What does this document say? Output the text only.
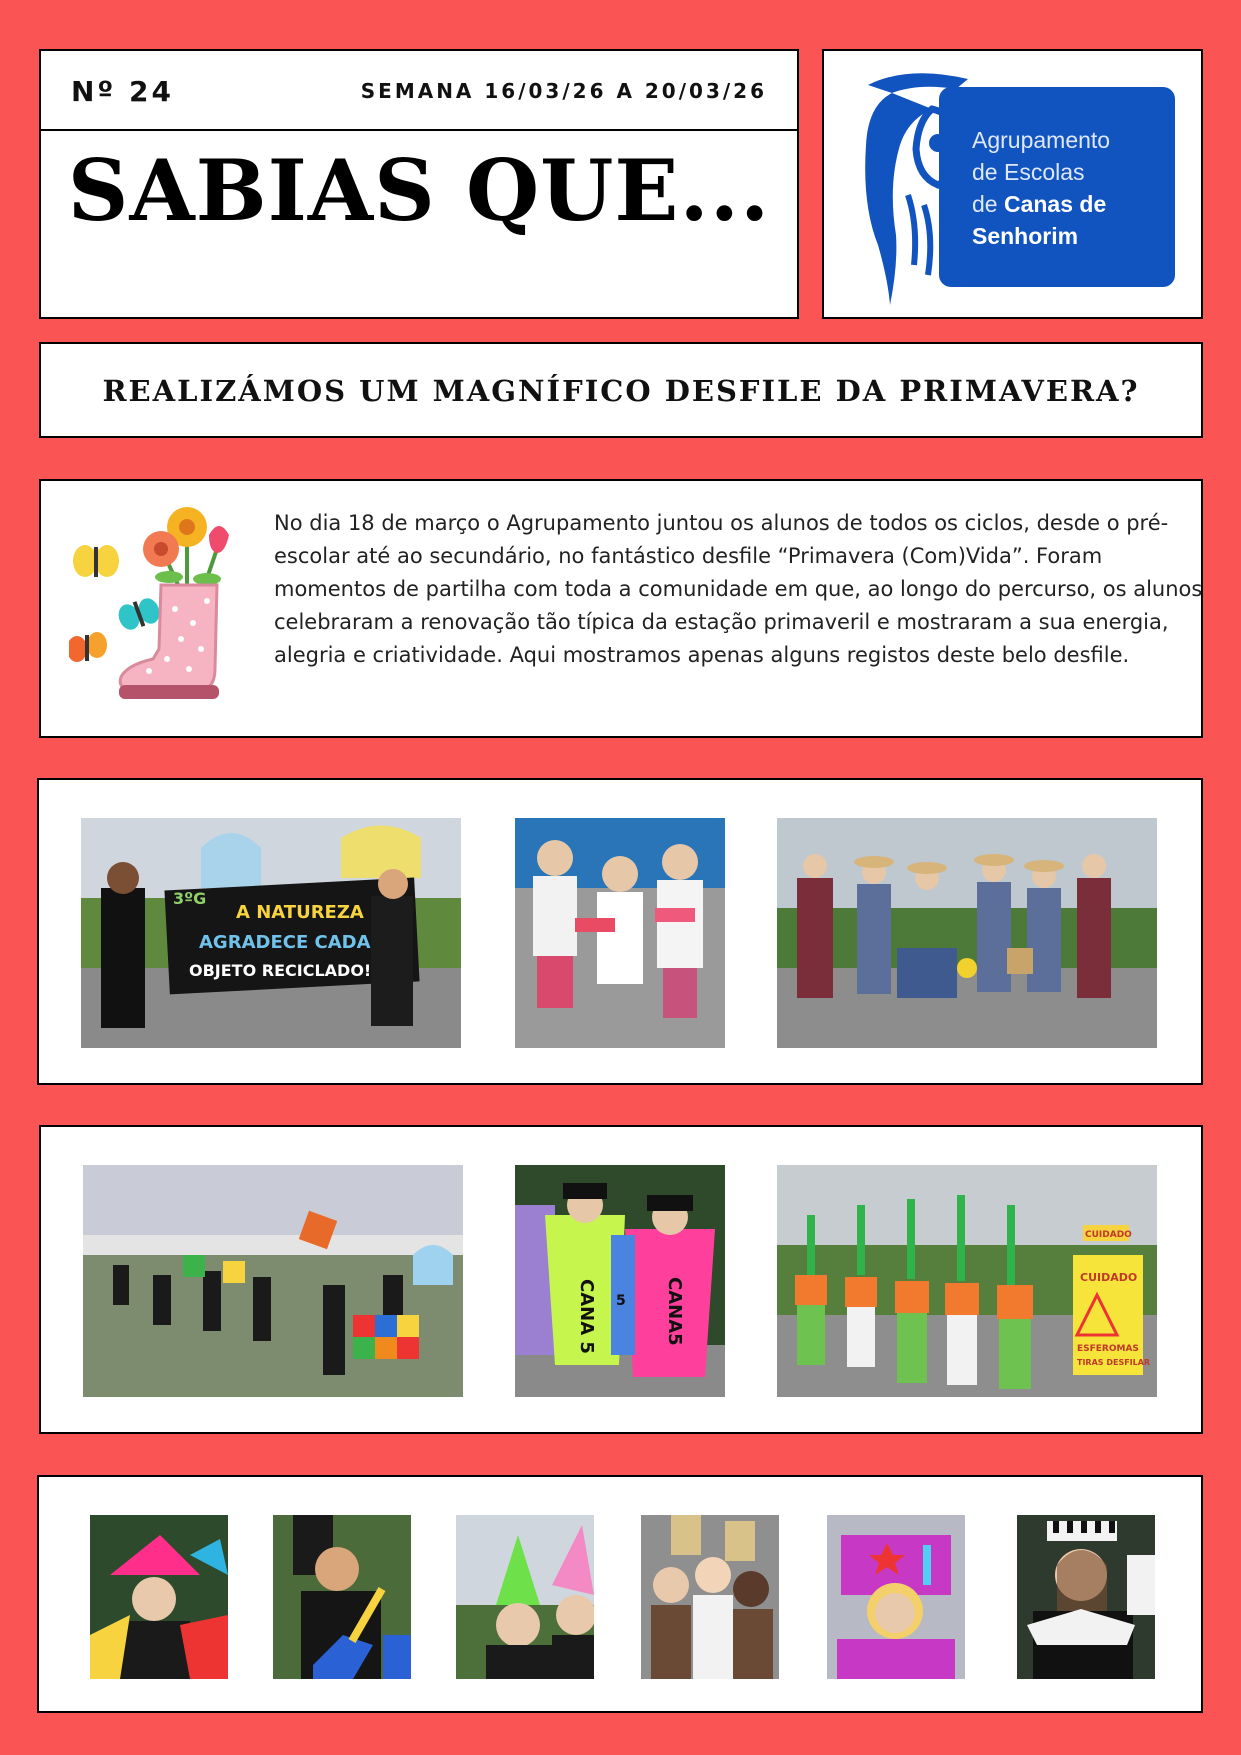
Nº 24	SEMANA 16/03/26 A 20/03/26
SABIAS QUE...
Agrupamento
de Escolas
de Canas de
Senhorim
REALIZÁMOS UM MAGNÍFICO DESFILE DA PRIMAVERA?

No dia 18 de março o Agrupamento juntou os alunos de todos os ciclos, desde o pré-escolar até ao secundário, no fantástico desfile “Primavera (Com)Vida”. Foram momentos de partilha com toda a comunidade em que, ao longo do percurso, os alunos celebraram a renovação tão típica da estação primaveril e mostraram a sua energia, alegria e criatividade. Aqui mostramos apenas alguns registos deste belo desfile.

A NATUREZA
AGRADECE CADA
OBJETO RECICLADO!
3ºG
CANA 5 5 CANA5	CUIDADO
CUIDADO
ESFEROMAS
TIRAS DESFILAR
